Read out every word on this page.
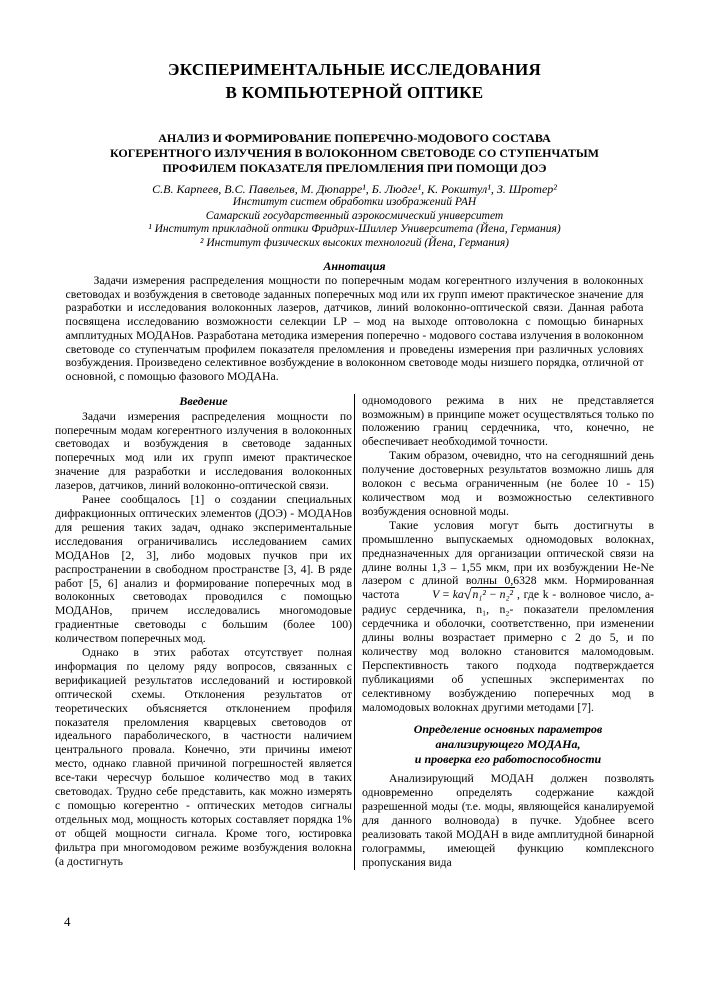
ЭКСПЕРИМЕНТАЛЬНЫЕ ИССЛЕДОВАНИЯ
В КОМПЬЮТЕРНОЙ ОПТИКЕ
АНАЛИЗ И ФОРМИРОВАНИЕ ПОПЕРЕЧНО-МОДОВОГО СОСТАВА
КОГЕРЕНТНОГО ИЗЛУЧЕНИЯ В ВОЛОКОННОМ СВЕТОВОДЕ СО СТУПЕНЧАТЫМ
ПРОФИЛЕМ ПОКАЗАТЕЛЯ ПРЕЛОМЛЕНИЯ ПРИ ПОМОЩИ ДОЭ
С.В. Карпеев, В.С. Павельев, М. Дюпарре¹, Б. Людге¹, К. Рокштул¹, З. Шротер²
Институт систем обработки изображений РАН
Самарский государственный аэрокосмический университет
¹ Институт прикладной оптики Фридрих-Шиллер Университета (Йена, Германия)
² Институт физических высоких технологий (Йена, Германия)
Аннотация

Задачи измерения распределения мощности по поперечным модам когерентного излучения в волоконных световодах и возбуждения в световоде заданных поперечных мод или их групп имеют практическое значение для разработки и исследования волоконных лазеров, датчиков, линий волоконно-оптической связи. Данная работа посвящена исследованию возможности селекции LP – мод на выходе оптоволокна с помощью бинарных амплитудных МОДАНов. Разработана методика измерения поперечно - модового состава излучения в волоконном световоде со ступенчатым профилем показателя преломления и проведены измерения при различных условиях возбуждения. Произведено селективное возбуждение в волоконном световоде моды низшего порядка, отличной от основной, с помощью фазового МОДАНа.

Введение

Задачи измерения распределения мощности по поперечным модам когерентного излучения в волоконных световодах и возбуждения в световоде заданных поперечных мод или их групп имеют практическое значение для разработки и исследования волоконных лазеров, датчиков, линий волоконно-оптической связи.

Ранее сообщалось [1] о создании специальных дифракционных оптических элементов (ДОЭ) - МОДАНов для решения таких задач, однако экспериментальные исследования ограничивались исследованием самих МОДАНов [2, 3], либо модовых пучков при их распространении в свободном пространстве [3, 4]. В ряде работ [5, 6] анализ и формирование поперечных мод в волоконных световодах проводился с помощью МОДАНов, причем исследовались многомодовые градиентные световоды с большим (более 100) количеством поперечных мод.

Однако в этих работах отсутствует полная информация по целому ряду вопросов, связанных с верификацией результатов исследований и юстировкой оптической схемы. Отклонения результатов от теоретических объясняется отклонением профиля показателя преломления кварцевых световодов от идеального параболического, в частности наличием центрального провала. Конечно, эти причины имеют место, однако главной причиной погрешностей является все-таки чересчур большое количество мод в таких световодах. Трудно себе представить, как можно измерять с помощью когерентно - оптических методов сигналы отдельных мод, мощность которых составляет порядка 1% от общей мощности сигнала. Кроме того, юстировка фильтра при многомодовом режиме возбуждения волокна (а достигнуть

одномодового режима в них не представляется возможным) в принципе может осуществляться только по положению границ сердечника, что, конечно, не обеспечивает необходимой точности.

Таким образом, очевидно, что на сегодняшний день получение достоверных результатов возможно лишь для волокон с весьма ограниченным (не более 10 - 15) количеством мод и возможностью селективного возбуждения основной моды.

Такие условия могут быть достигнуты в промышленно выпускаемых одномодовых волокнах, предназначенных для организации оптической связи на длине волны 1,3 – 1,55 мкм, при их возбуждении He-Ne лазером с длиной волны 0,6328 мкм. Нормированная частота	V = ka√n₁² − n₂² , где k - волновое число, a-радиус сердечника, n₁, n₂- показатели преломления сердечника и оболочки, соответственно, при изменении длины волны возрастает примерно с 2 до 5, и по количеству мод волокно становится маломодовым. Перспективность такого подхода подтверждается публикациями об успешных экспериментах по селективному возбуждению поперечных мод в маломодовых волокнах другими методами [7].

Определение основных параметров
анализирующего МОДАНа,
и проверка его работоспособности

Анализирующий МОДАН должен позволять одновременно определять содержание каждой разрешенной моды (т.е. моды, являющейся каналируемой для данного волновода) в пучке. Удобнее всего реализовать такой МОДАН в виде амплитудной бинарной голограммы, имеющей функцию комплексного пропускания вида

4
